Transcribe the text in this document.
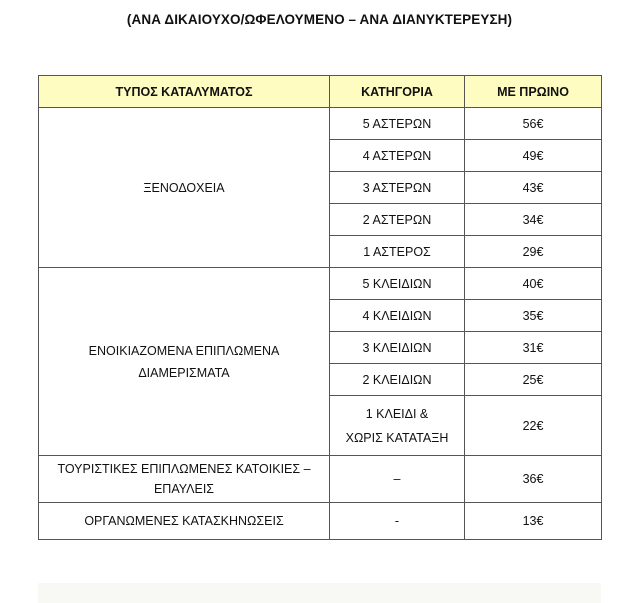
(ΑΝΑ ΔΙΚΑΙΟΥΧΟ/ΩΦΕΛΟΥΜΕΝΟ – ΑΝΑ ΔΙΑΝΥΚΤΕΡΕΥΣΗ)
ΤΥΠΟΣ ΚΑΤΑΛΥΜΑΤΟΣ	ΚΑΤΗΓΟΡΙΑ	ΜΕ ΠΡΩΙΝΟ
ΞΕΝΟΔΟΧΕΙΑ	5 ΑΣΤΕΡΩΝ	56€
	4 ΑΣΤΕΡΩΝ	49€
	3 ΑΣΤΕΡΩΝ	43€
	2 ΑΣΤΕΡΩΝ	34€
	1 ΑΣΤΕΡΟΣ	29€

ΕΝΟΙΚΙΑΖΟΜΕΝΑ ΕΠΙΠΛΩΜΕΝΑ
ΔΙΑΜΕΡΙΣΜΑΤΑ	5 ΚΛΕΙΔΙΩΝ	40€
	4 ΚΛΕΙΔΙΩΝ	35€
	3 ΚΛΕΙΔΙΩΝ	31€
	2 ΚΛΕΙΔΙΩΝ	25€

	1 ΚΛΕΙΔΙ &
ΧΩΡΙΣ ΚΑΤΑΤΑΞΗ	22€

ΤΟΥΡΙΣΤΙΚΕΣ ΕΠΙΠΛΩΜΕΝΕΣ ΚΑΤΟΙΚΙΕΣ –
ΕΠΑΥΛΕΙΣ	–	36€
ΟΡΓΑΝΩΜΕΝΕΣ ΚΑΤΑΣΚΗΝΩΣΕΙΣ	-	13€
